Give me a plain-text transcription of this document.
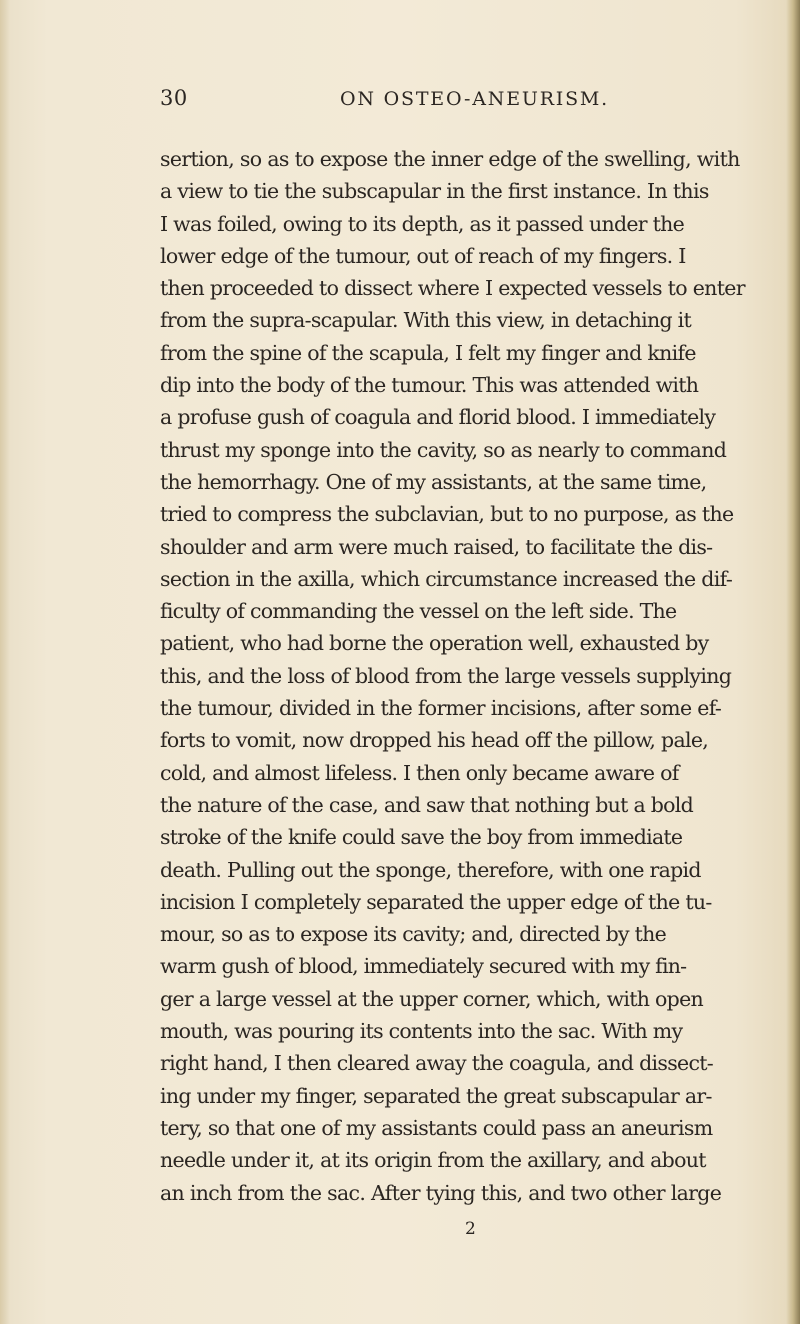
30	ON OSTEO-ANEURISM.
sertion, so as to expose the inner edge of the swelling, with
a view to tie the subscapular in the first instance. In this
I was foiled, owing to its depth, as it passed under the
lower edge of the tumour, out of reach of my fingers. I
then proceeded to dissect where I expected vessels to enter
from the supra-scapular. With this view, in detaching it
from the spine of the scapula, I felt my finger and knife
dip into the body of the tumour. This was attended with
a profuse gush of coagula and florid blood. I immediately
thrust my sponge into the cavity, so as nearly to command
the hemorrhagy. One of my assistants, at the same time,
tried to compress the subclavian, but to no purpose, as the
shoulder and arm were much raised, to facilitate the dis-
section in the axilla, which circumstance increased the dif-
ficulty of commanding the vessel on the left side. The
patient, who had borne the operation well, exhausted by
this, and the loss of blood from the large vessels supplying
the tumour, divided in the former incisions, after some ef-
forts to vomit, now dropped his head off the pillow, pale,
cold, and almost lifeless. I then only became aware of
the nature of the case, and saw that nothing but a bold
stroke of the knife could save the boy from immediate
death. Pulling out the sponge, therefore, with one rapid
incision I completely separated the upper edge of the tu-
mour, so as to expose its cavity; and, directed by the
warm gush of blood, immediately secured with my fin-
ger a large vessel at the upper corner, which, with open
mouth, was pouring its contents into the sac. With my
right hand, I then cleared away the coagula, and dissect-
ing under my finger, separated the great subscapular ar-
tery, so that one of my assistants could pass an aneurism
needle under it, at its origin from the axillary, and about
an inch from the sac. After tying this, and two other large
2
